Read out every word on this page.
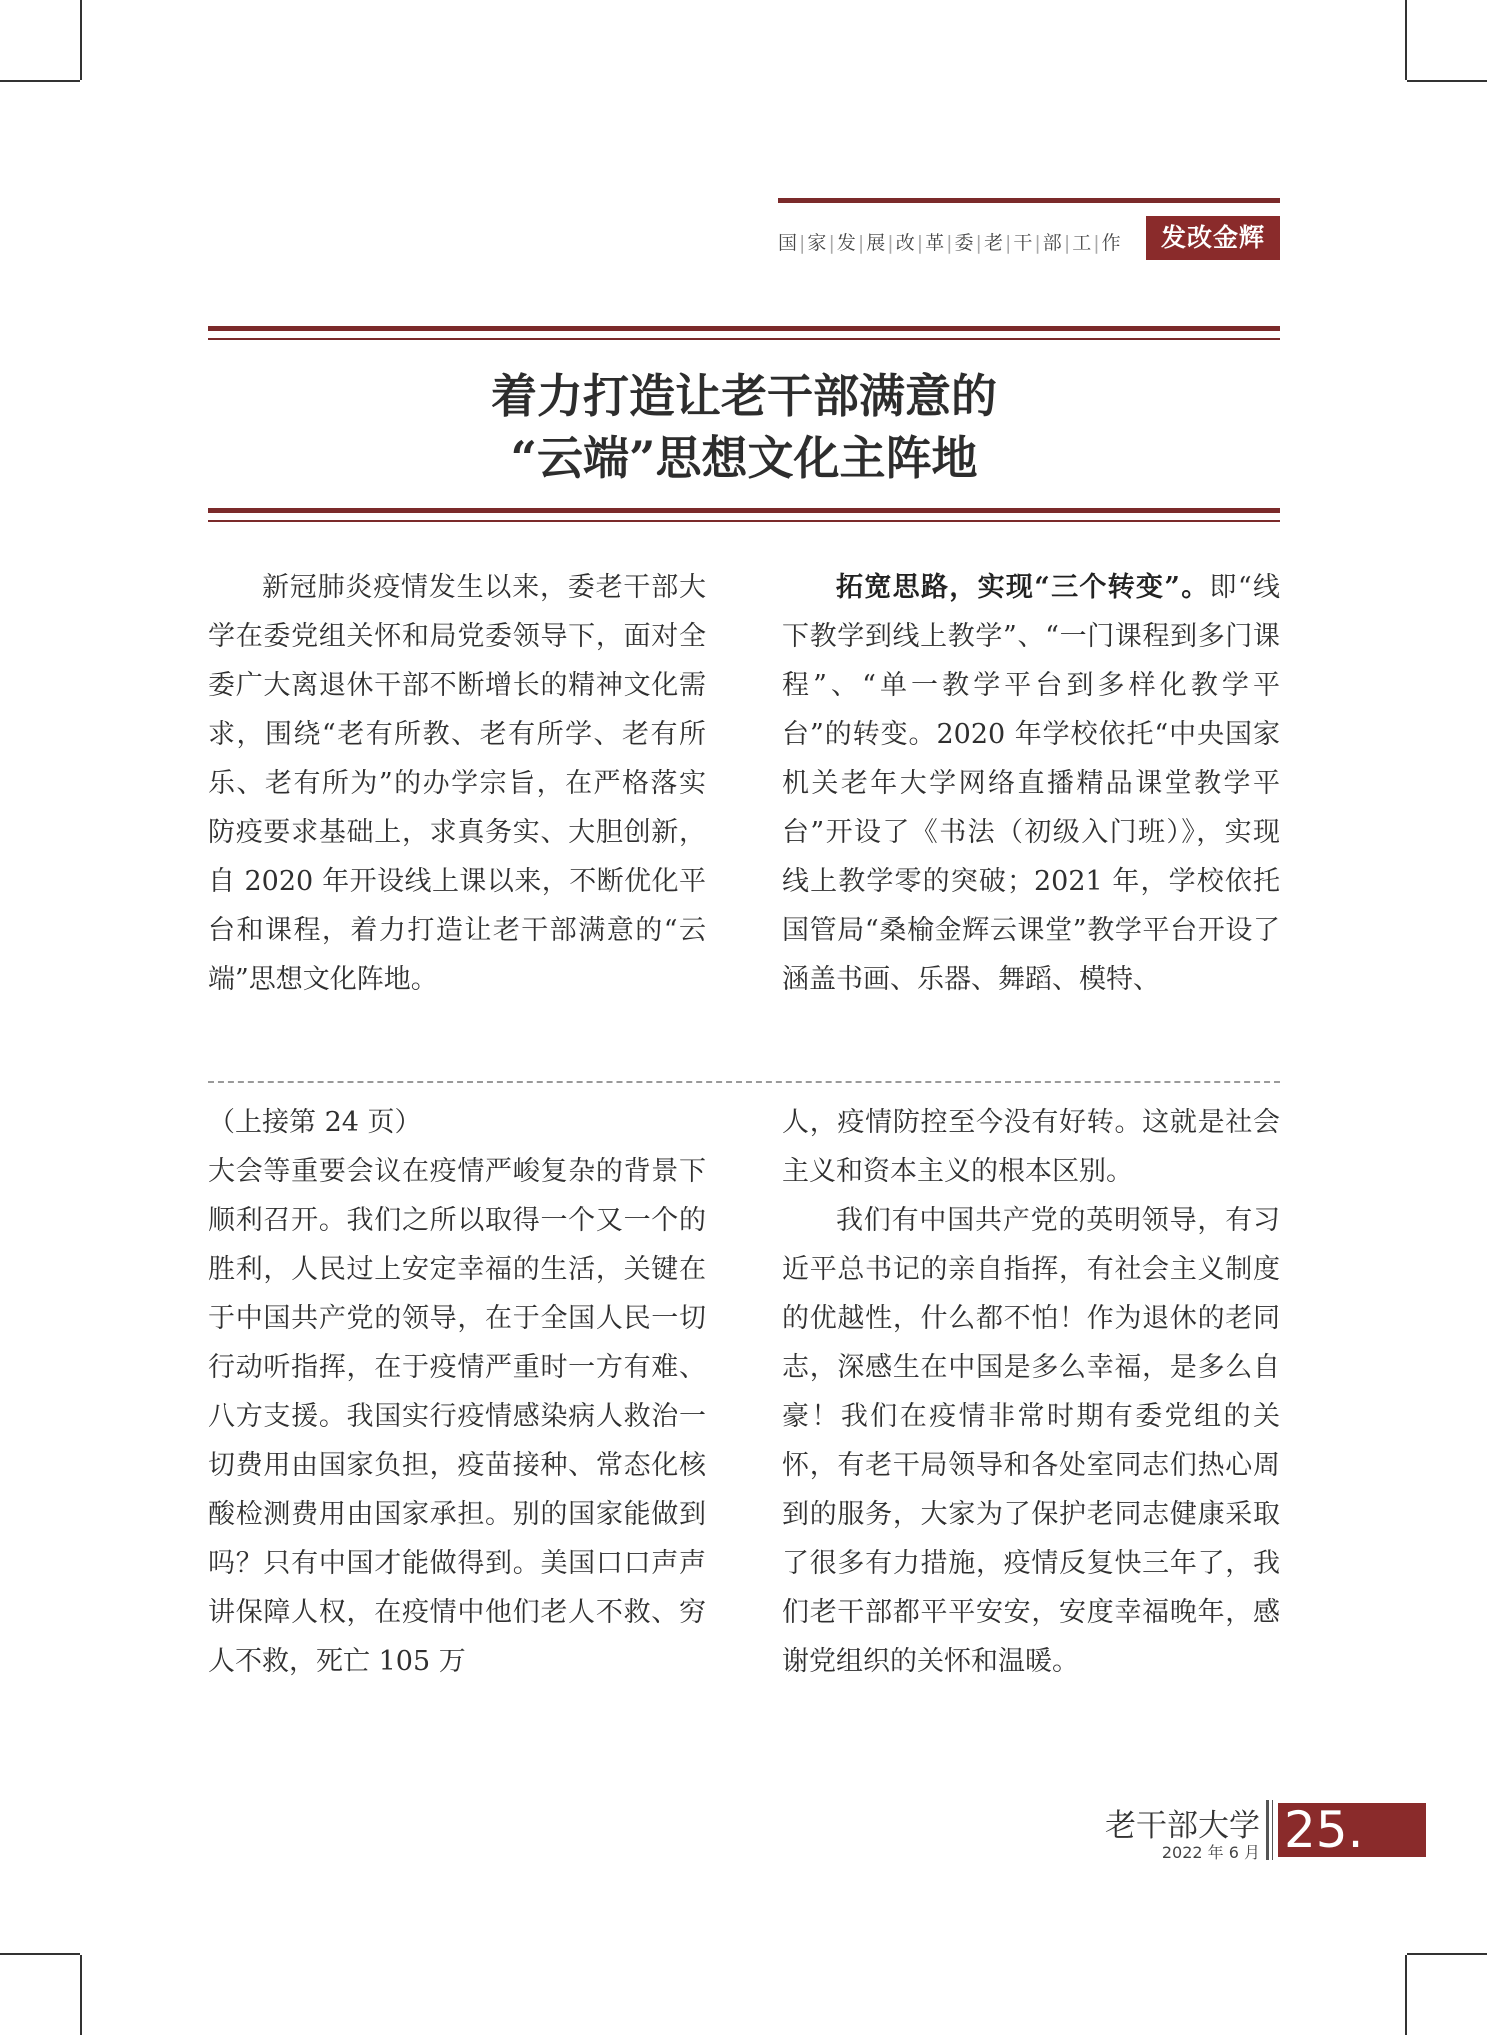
国 | 家 | 发 | 展 | 改 | 革 | 委 | 老 | 干 | 部 | 工 | 作	发改金辉
着力打造让老干部满意的
“云端”思想文化主阵地

新冠肺炎疫情发生以来，委老干部大学在委党组关怀和局党委领导下，面对全委广大离退休干部不断增长的精神文化需求，围绕“老有所教、老有所学、老有所乐、老有所为”的办学宗旨，在严格落实防疫要求基础上，求真务实、大胆创新，自 2020 年开设线上课以来，不断优化平台和课程，着力打造让老干部满意的“云端”思想文化阵地。

拓宽思路，实现“三个转变”。即“线下教学到线上教学”、“一门课程到多门课程”、“单一教学平台到多样化教学平台”的转变。2020 年学校依托“中央国家机关老年大学网络直播精品课堂教学平台”开设了《书法（初级入门班）》，实现线上教学零的突破；2021 年，学校依托国管局“桑榆金辉云课堂”教学平台开设了涵盖书画、乐器、舞蹈、模特、

（上接第 24 页）

大会等重要会议在疫情严峻复杂的背景下顺利召开。我们之所以取得一个又一个的胜利，人民过上安定幸福的生活，关键在于中国共产党的领导，在于全国人民一切行动听指挥，在于疫情严重时一方有难、八方支援。我国实行疫情感染病人救治一切费用由国家负担，疫苗接种、常态化核酸检测费用由国家承担。别的国家能做到吗？只有中国才能做得到。美国口口声声讲保障人权，在疫情中他们老人不救、穷人不救，死亡 105 万

人，疫情防控至今没有好转。这就是社会主义和资本主义的根本区别。

我们有中国共产党的英明领导，有习近平总书记的亲自指挥，有社会主义制度的优越性，什么都不怕！作为退休的老同志，深感生在中国是多么幸福，是多么自豪！我们在疫情非常时期有委党组的关怀，有老干局领导和各处室同志们热心周到的服务，大家为了保护老同志健康采取了很多有力措施，疫情反复快三年了，我们老干部都平平安安，安度幸福晚年，感谢党组织的关怀和温暖。

老干部大学
2022 年 6 月 25.
